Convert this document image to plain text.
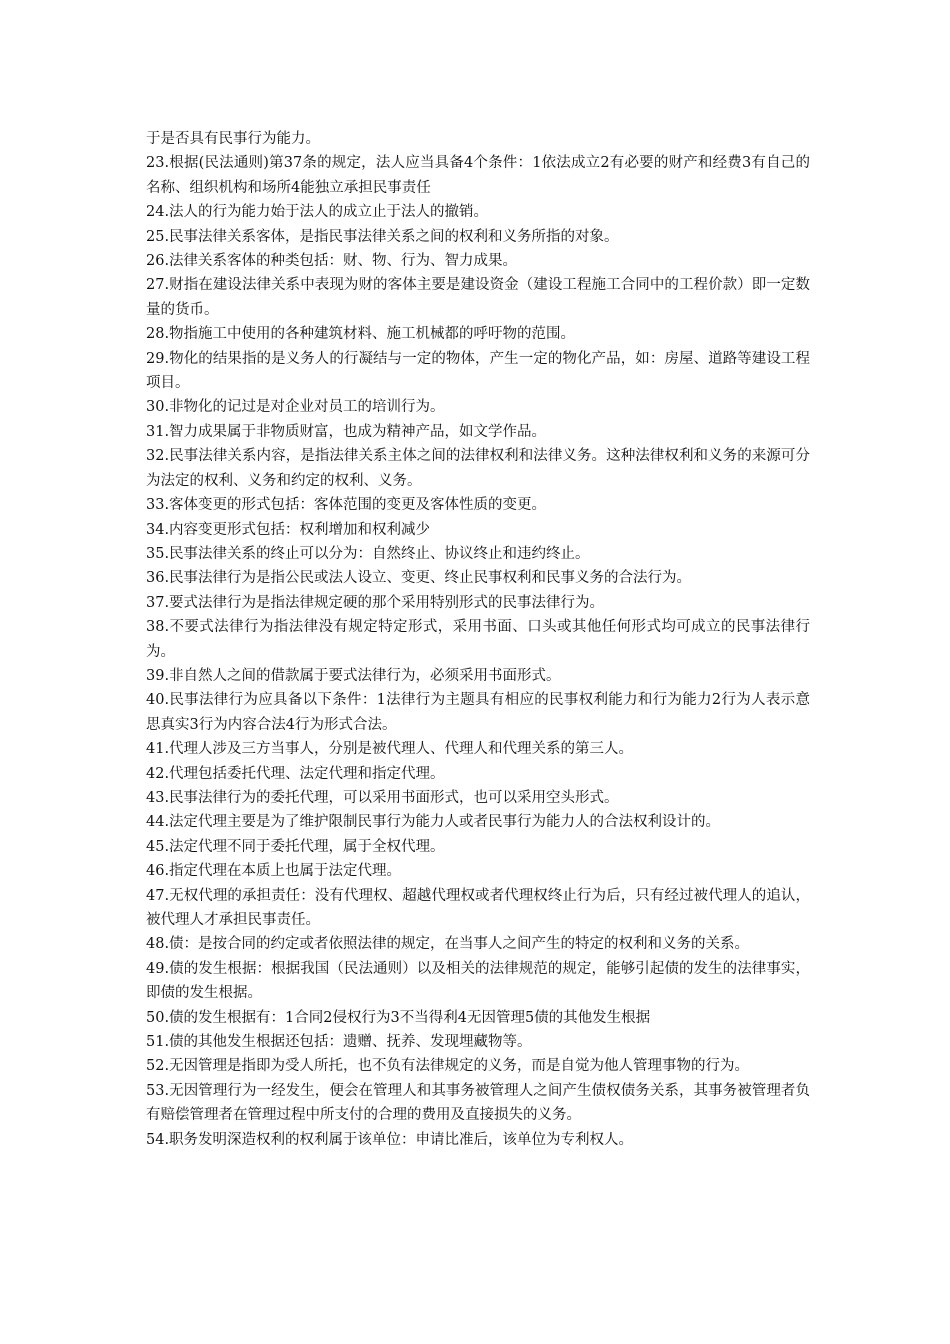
于是否具有民事行为能力。

23.根据(民法通则)第37条的规定，法人应当具备4个条件：1依法成立2有必要的财产和经费3有自己的名称、组织机构和场所4能独立承担民事责任

24.法人的行为能力始于法人的成立止于法人的撤销。

25.民事法律关系客体，是指民事法律关系之间的权利和义务所指的对象。

26.法律关系客体的种类包括：财、物、行为、智力成果。

27.财指在建设法律关系中表现为财的客体主要是建设资金（建设工程施工合同中的工程价款）即一定数量的货币。

28.物指施工中使用的各种建筑材料、施工机械都的呼吁物的范围。

29.物化的结果指的是义务人的行凝结与一定的物体，产生一定的物化产品，如：房屋、道路等建设工程项目。

30.非物化的记过是对企业对员工的培训行为。

31.智力成果属于非物质财富，也成为精神产品，如文学作品。

32.民事法律关系内容，是指法律关系主体之间的法律权利和法律义务。这种法律权利和义务的来源可分为法定的权利、义务和约定的权利、义务。

33.客体变更的形式包括：客体范围的变更及客体性质的变更。

34.内容变更形式包括：权利增加和权利减少

35.民事法律关系的终止可以分为：自然终止、协议终止和违约终止。

36.民事法律行为是指公民或法人设立、变更、终止民事权利和民事义务的合法行为。

37.要式法律行为是指法律规定硬的那个采用特别形式的民事法律行为。

38.不要式法律行为指法律没有规定特定形式，采用书面、口头或其他任何形式均可成立的民事法律行为。

39.非自然人之间的借款属于要式法律行为，必须采用书面形式。

40.民事法律行为应具备以下条件：1法律行为主题具有相应的民事权利能力和行为能力2行为人表示意思真实3行为内容合法4行为形式合法。

41.代理人涉及三方当事人，分别是被代理人、代理人和代理关系的第三人。

42.代理包括委托代理、法定代理和指定代理。

43.民事法律行为的委托代理，可以采用书面形式，也可以采用空头形式。

44.法定代理主要是为了维护限制民事行为能力人或者民事行为能力人的合法权利设计的。

45.法定代理不同于委托代理，属于全权代理。

46.指定代理在本质上也属于法定代理。

47.无权代理的承担责任：没有代理权、超越代理权或者代理权终止行为后，只有经过被代理人的追认，被代理人才承担民事责任。

48.债：是按合同的约定或者依照法律的规定，在当事人之间产生的特定的权利和义务的关系。

49.债的发生根据：根据我国（民法通则）以及相关的法律规范的规定，能够引起债的发生的法律事实，即债的发生根据。

50.债的发生根据有：1合同2侵权行为3不当得利4无因管理5债的其他发生根据

51.债的其他发生根据还包括：遗赠、抚养、发现埋藏物等。

52.无因管理是指即为受人所托，也不负有法律规定的义务，而是自觉为他人管理事物的行为。

53.无因管理行为一经发生，便会在管理人和其事务被管理人之间产生债权债务关系，其事务被管理者负有赔偿管理者在管理过程中所支付的合理的费用及直接损失的义务。

54.职务发明深造权利的权利属于该单位：申请比准后，该单位为专利权人。
